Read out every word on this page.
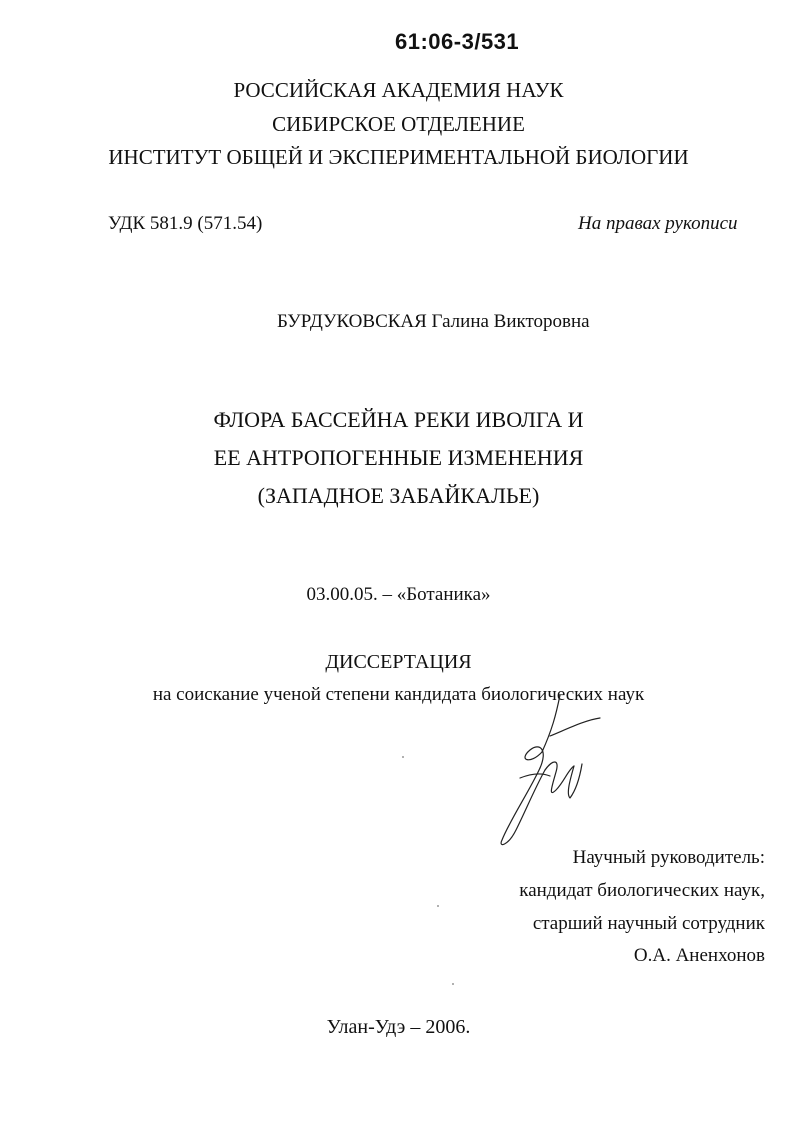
61:06-3/531
РОССИЙСКАЯ АКАДЕМИЯ НАУК
СИБИРСКОЕ ОТДЕЛЕНИЕ
ИНСТИТУТ ОБЩЕЙ И ЭКСПЕРИМЕНТАЛЬНОЙ БИОЛОГИИ
УДК 581.9 (571.54)	На правах рукописи
БУРДУКОВСКАЯ Галина Викторовна
ФЛОРА БАССЕЙНА РЕКИ ИВОЛГА И
ЕЕ АНТРОПОГЕННЫЕ ИЗМЕНЕНИЯ
(ЗАПАДНОЕ ЗАБАЙКАЛЬЕ)
03.00.05. – «Ботаника»
ДИССЕРТАЦИЯ
на соискание ученой степени кандидата биологических наук
Научный руководитель:
кандидат биологических наук,
старший научный сотрудник
О.А. Аненхонов
Улан-Удэ – 2006.
